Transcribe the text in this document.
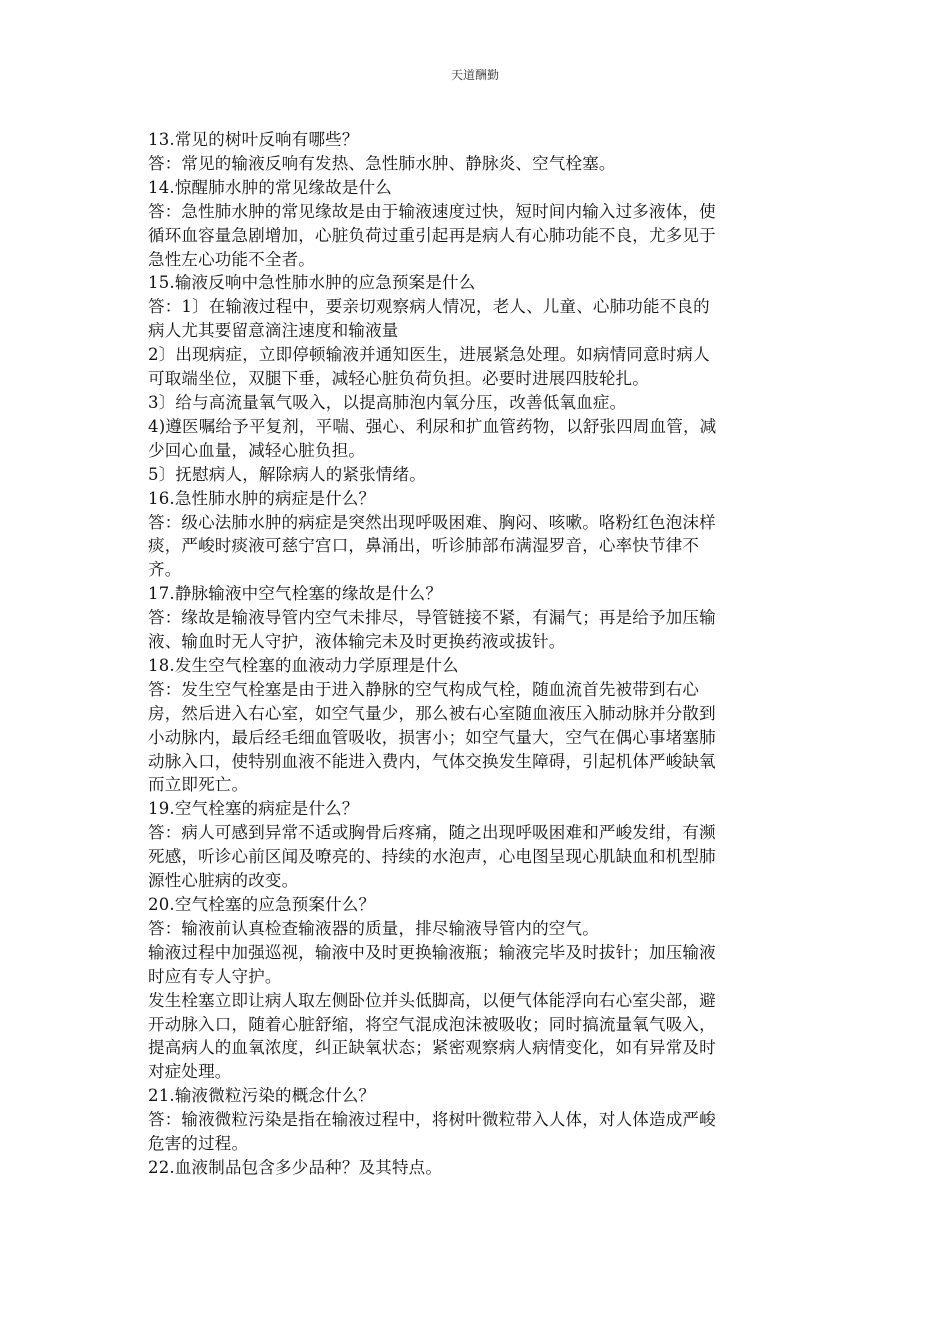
天道酬勤
13.常见的树叶反响有哪些？
答：常见的输液反响有发热、急性肺水肿、静脉炎、空气栓塞。
14.惊醒肺水肿的常见缘故是什么
答：急性肺水肿的常见缘故是由于输液速度过快，短时间内输入过多液体，使
循环血容量急剧增加，心脏负荷过重引起再是病人有心肺功能不良，尤多见于
急性左心功能不全者。
15.输液反响中急性肺水肿的应急预案是什么
答：1〕在输液过程中，要亲切观察病人情况，老人、儿童、心肺功能不良的
病人尤其要留意滴注速度和输液量
2〕出现病症，立即停顿输液并通知医生，进展紧急处理。如病情同意时病人
可取端坐位，双腿下垂，减轻心脏负荷负担。必要时进展四肢轮扎。
3〕给与高流量氧气吸入，以提高肺泡内氧分压，改善低氧血症。
4)遵医嘱给予平复剂，平喘、强心、利尿和扩血管药物，以舒张四周血管，减
少回心血量，减轻心脏负担。
5〕抚慰病人，解除病人的紧张情绪。
16.急性肺水肿的病症是什么？
答：级心法肺水肿的病症是突然出现呼吸困难、胸闷、咳嗽。咯粉红色泡沫样
痰，严峻时痰液可慈宁宫口，鼻涌出，听诊肺部布满湿罗音，心率快节律不
齐。
17.静脉输液中空气栓塞的缘故是什么？
答：缘故是输液导管内空气未排尽，导管链接不紧，有漏气；再是给予加压输
液、输血时无人守护，液体输完未及时更换药液或拔针。
18.发生空气栓塞的血液动力学原理是什么
答：发生空气栓塞是由于进入静脉的空气构成气栓，随血流首先被带到右心
房，然后进入右心室，如空气量少，那么被右心室随血液压入肺动脉并分散到
小动脉内，最后经毛细血管吸收，损害小；如空气量大，空气在偶心事堵塞肺
动脉入口，使特别血液不能进入费内，气体交换发生障碍，引起机体严峻缺氧
而立即死亡。
19.空气栓塞的病症是什么？
答：病人可感到异常不适或胸骨后疼痛，随之出现呼吸困难和严峻发绀，有濒
死感，听诊心前区闻及嘹亮的、持续的水泡声，心电图呈现心肌缺血和机型肺
源性心脏病的改变。
20.空气栓塞的应急预案什么？
答：输液前认真检查输液器的质量，排尽输液导管内的空气。
输液过程中加强巡视，输液中及时更换输液瓶；输液完毕及时拔针；加压输液
时应有专人守护。
发生栓塞立即让病人取左侧卧位并头低脚高，以便气体能浮向右心室尖部，避
开动脉入口，随着心脏舒缩，将空气混成泡沫被吸收；同时搞流量氧气吸入，
提高病人的血氧浓度，纠正缺氧状态；紧密观察病人病情变化，如有异常及时
对症处理。
21.输液微粒污染的概念什么？
答：输液微粒污染是指在输液过程中，将树叶微粒带入人体，对人体造成严峻
危害的过程。
22.血液制品包含多少品种？及其特点。
